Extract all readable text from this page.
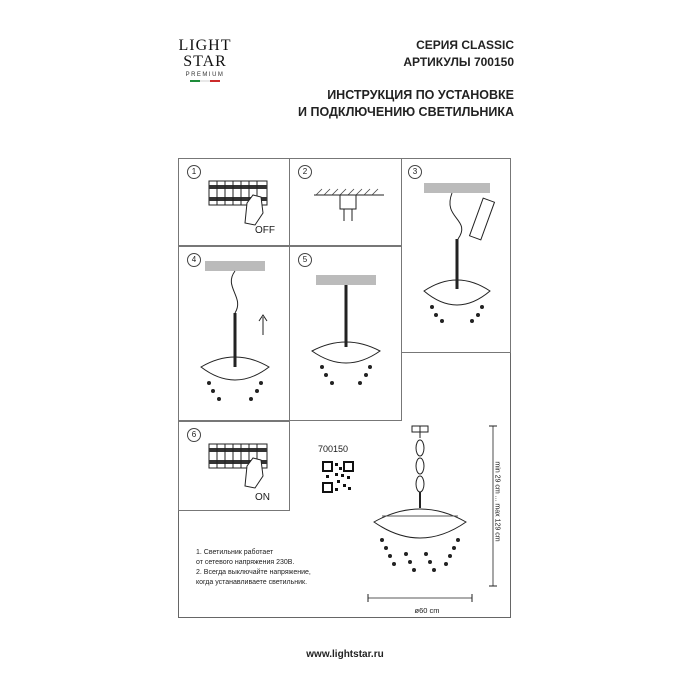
LIGHT
STAR
PREMIUM
СЕРИЯ CLASSIC
АРТИКУЛЫ 700150
ИНСТРУКЦИЯ ПО УСТАНОВКЕ
И ПОДКЛЮЧЕНИЮ СВЕТИЛЬНИКА
1
OFF
2	3
4	5
6
ON
700150
min 29 cm ... max 129 cm
ø60 cm
1. Светильник работает
от сетевого напряжения 230В.
2. Всегда выключайте напряжение,
когда устанавливаете светильник.
www.lightstar.ru
